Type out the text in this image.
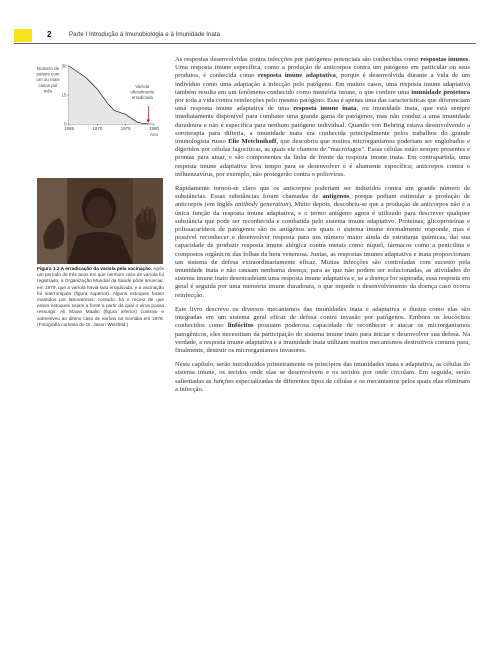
2	Parte I Introdução à Imunobiologia e à Imunidade Inata
Número de
países com
um ou mais
casos por
mês
30
15
0
1965	1970	1975	1980
Varíola
oficialmente
erradicada
Ano
Figura 1.2 A erradicação da varíola pela vacinação. Após um período de três anos em que nenhum caso de varíola foi registrado, a Organização Mundial da Saúde pôde anunciar, em 1979, que a varíola havia sido erradicada, e a vacinação foi interrompida (figura superior). Alguns estoques foram mantidos por laboratórios; contudo, há o receio de que esses estoques sejam a fonte a partir da qual o vírus possa ressurgir. Ali Maow Maalin (figura inferior) contraiu e sobreviveu ao último caso de varíola na Somália em 1978. (Fotografia cortesia do Dr. Jason Weisfeld.)

As respostas desenvolvidas contra infecções por patógenos potenciais são conhecidas como respostas imunes. Uma resposta imune específica, como a produção de anticorpos contra um patógeno em particular ou seus produtos, é conhecida como resposta imune adaptativa, porque é desenvolvida durante a vida de um indivíduo como uma adaptação à infecção pelo patógeno. Em muitos casos, uma resposta imune adaptativa também resulta em um fenômeno conhecido como memória imune, o que confere uma imunidade protetora por toda a vida contra reinfecções pelo mesmo patógeno. Essa é apenas uma das características que diferenciam uma resposta imune adaptativa de uma resposta imune inata, ou imunidade inata, que está sempre imediatamente disponível para combater uma grande gama de patógenos, mas não conduz a uma imunidade duradoura e não é específica para nenhum patógeno individual. Quando von Behring estava desenvolvendo a soroterapia para difteria, a imunidade inata era conhecida principalmente pelos trabalhos do grande imunologista russo Elie Metchnikoff, que descobriu que muitos microrganismos poderiam ser englobados e digeridos por células fagocíticas, as quais ele chamou de "macrófagos". Essas células estão sempre presentes e prontas para atuar, e são componentes da linha de frente da resposta imune inata. Em contrapartida, uma resposta imune adaptativa leva tempo para se desenvolver e é altamente específica; anticorpos contra o influenzavírus, por exemplo, não protegerão contra o poliovírus.

Rapidamente tornou-se claro que os anticorpos poderiam ser induzidos contra um grande número de substâncias. Essas substâncias foram chamadas de antígenos, porque podiam estimular a produção de anticorpos (em inglês antibody generation). Muito depois, descobriu-se que a produção de anticorpos não é a única função da resposta imune adaptativa, e o termo antígeno agora é utilizado para descrever qualquer substância que pode ser reconhecida e combatida pelo sistema imune adaptativo. Proteínas, glicoproteínas e polissacarídeos de patógenos são os antígenos aos quais o sistema imune normalmente responde, mas é possível reconhecer e desenvolver resposta para um número maior ainda de estruturas químicas, daí sua capacidade de produzir resposta imune alérgica contra metais como níquel, fármacos como a penicilina e compostos orgânicos das folhas da hera venenosa. Juntas, as respostas imunes adaptativa e inata proporcionam um sistema de defesa extraordinariamente eficaz. Muitas infecções são controladas com sucesso pela imunidade inata e não causam nenhuma doença; para as que não podem ser solucionadas, as atividades do sistema imune inato desencadeiam uma resposta imune adaptativa e, se a doença for superada, essa resposta em geral é seguida por uma memória imune duradoura, o que impede o desenvolvimento da doença caso ocorra reinfecção.

Este livro descreve os diversos mecanismos das imunidades inata e adaptativa e ilustra como elas são integradas em um sistema geral eficaz de defesa contra invasão por patógenos. Embora os leucócitos conhecidos como linfócitos possuam poderosa capacidade de reconhecer e atacar os microrganismos patogênicos, eles necessitam da participação do sistema imune inato para iniciar e desenvolver sua defesa. Na verdade, a resposta imune adaptativa e a imunidade inata utilizam muitos mecanismos destrutivos comuns para, finalmente, destruir os microrganismos invasores.

Neste capítulo, serão introduzidos primeiramente os princípios das imunidades inata e adaptativa, as células do sistema imune, os tecidos onde elas se desenvolvem e os tecidos por onde circulam. Em seguida, serão salientadas as funções especializadas de diferentes tipos de células e os mecanismos pelos quais elas eliminam a infecção.
